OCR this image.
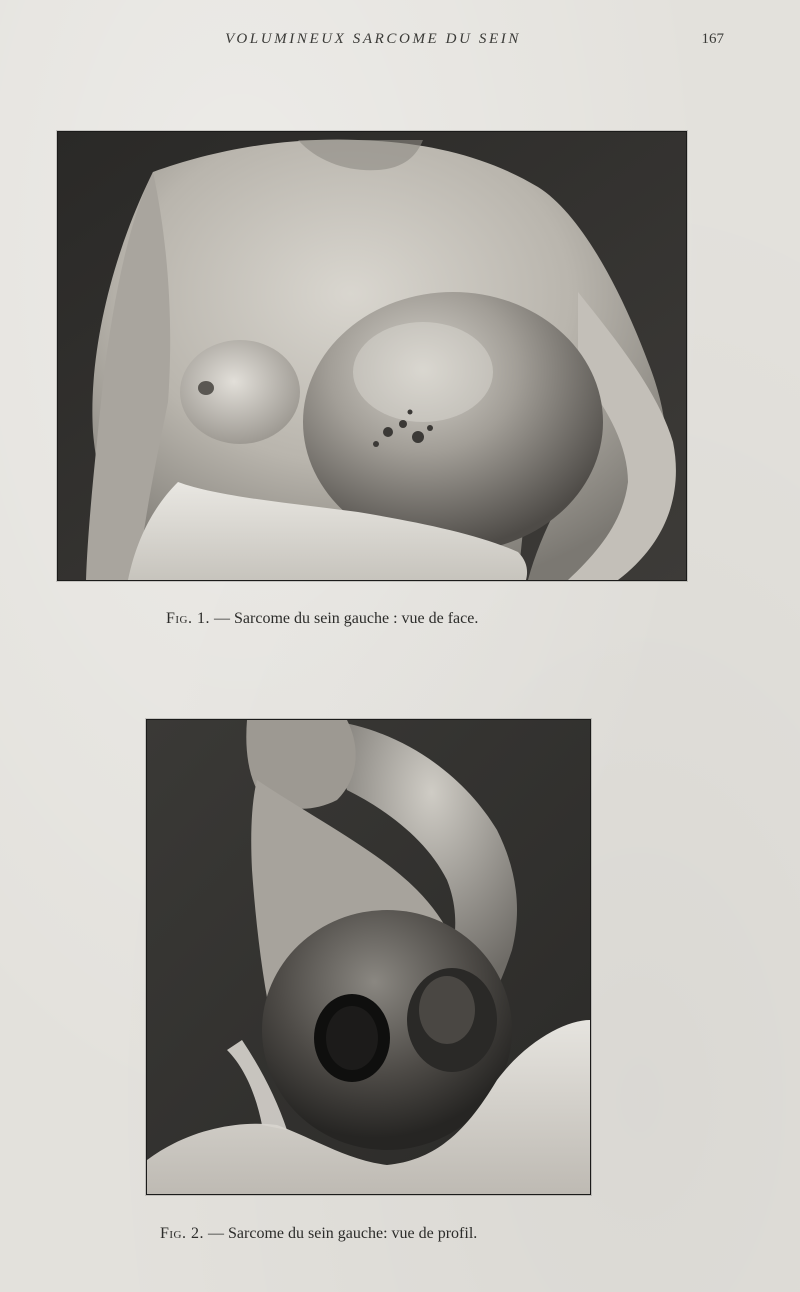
VOLUMINEUX SARCOME DU SEIN	167
Fig. 1. — Sarcome du sein gauche : vue de face.
Fig. 2. — Sarcome du sein gauche: vue de profil.
